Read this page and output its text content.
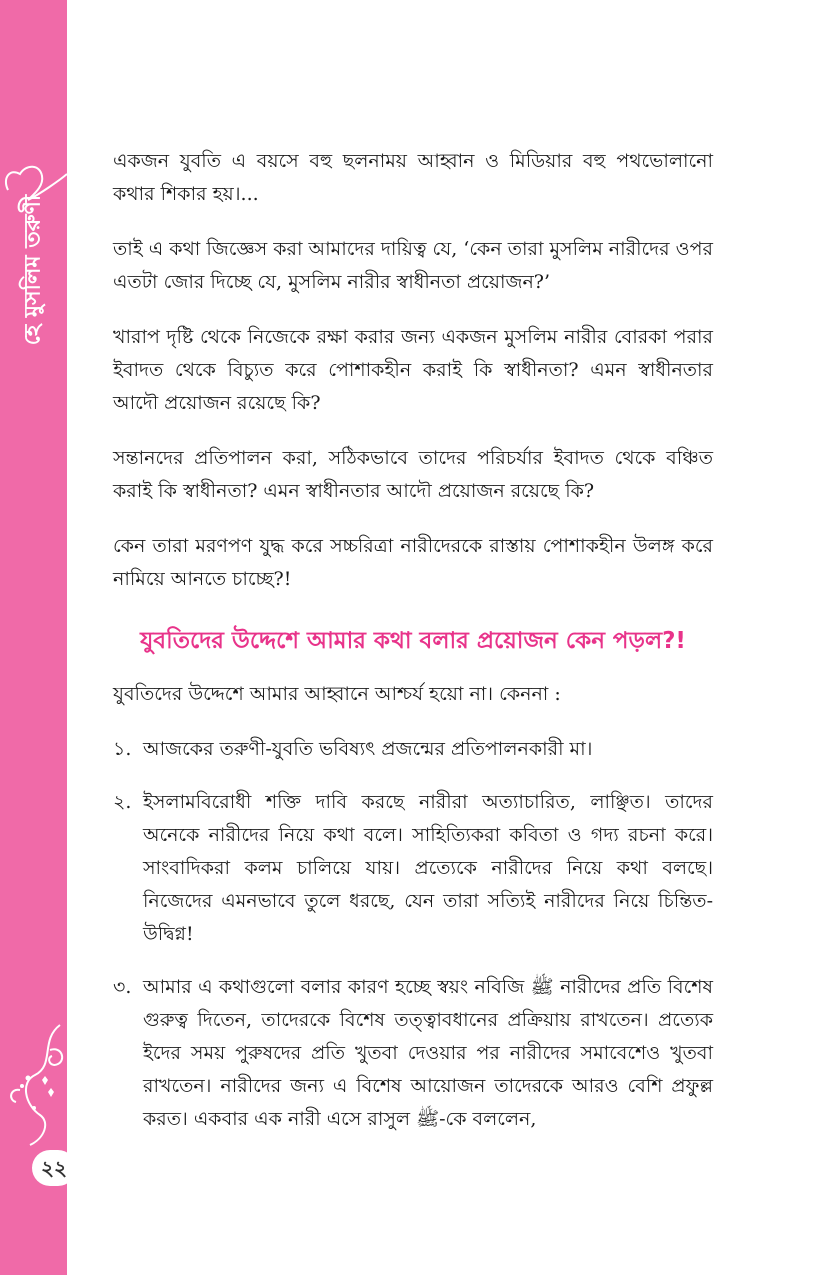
হে মুসলিম তরুণী
২২

একজন যুবতি এ বয়সে বহু ছলনাময় আহ্বান ও মিডিয়ার বহু পথভোলানো কথার শিকার হয়।...

তাই এ কথা জিজ্ঞেস করা আমাদের দায়িত্ব যে, ‘কেন তারা মুসলিম নারীদের ওপর এতটা জোর দিচ্ছে যে, মুসলিম নারীর স্বাধীনতা প্রয়োজন?’

খারাপ দৃষ্টি থেকে নিজেকে রক্ষা করার জন্য একজন মুসলিম নারীর বোরকা পরার ইবাদত থেকে বিচ্যুত করে পোশাকহীন করাই কি স্বাধীনতা? এমন স্বাধীনতার আদৌ প্রয়োজন রয়েছে কি?

সন্তানদের প্রতিপালন করা, সঠিকভাবে তাদের পরিচর্যার ইবাদত থেকে বঞ্চিত করাই কি স্বাধীনতা? এমন স্বাধীনতার আদৌ প্রয়োজন রয়েছে কি?

কেন তারা মরণপণ যুদ্ধ করে সচ্চরিত্রা নারীদেরকে রাস্তায় পোশাকহীন উলঙ্গ করে নামিয়ে আনতে চাচ্ছে?!

যুবতিদের উদ্দেশে আমার কথা বলার প্রয়োজন কেন পড়ল?!

যুবতিদের উদ্দেশে আমার আহ্বানে আশ্চর্য হয়ো না। কেননা :

১. আজকের তরুণী-যুবতি ভবিষ্যৎ প্রজন্মের প্রতিপালনকারী মা।
২. ইসলামবিরোধী শক্তি দাবি করছে নারীরা অত্যাচারিত, লাঞ্ছিত। তাদের অনেকে নারীদের নিয়ে কথা বলে। সাহিত্যিকরা কবিতা ও গদ্য রচনা করে। সাংবাদিকরা কলম চালিয়ে যায়। প্রত্যেকে নারীদের নিয়ে কথা বলছে। নিজেদের এমনভাবে তুলে ধরছে, যেন তারা সত্যিই নারীদের নিয়ে চিন্তিত-উদ্বিগ্ন!
৩. আমার এ কথাগুলো বলার কারণ হচ্ছে স্বয়ং নবিজি ﷺ নারীদের প্রতি বিশেষ গুরুত্ব দিতেন, তাদেরকে বিশেষ তত্ত্বাবধানের প্রক্রিয়ায় রাখতেন। প্রত্যেক ইদের সময় পুরুষদের প্রতি খুতবা দেওয়ার পর নারীদের সমাবেশেও খুতবা রাখতেন। নারীদের জন্য এ বিশেষ আয়োজন তাদেরকে আরও বেশি প্রফুল্ল করত। একবার এক নারী এসে রাসুল ﷺ-কে বললেন,
